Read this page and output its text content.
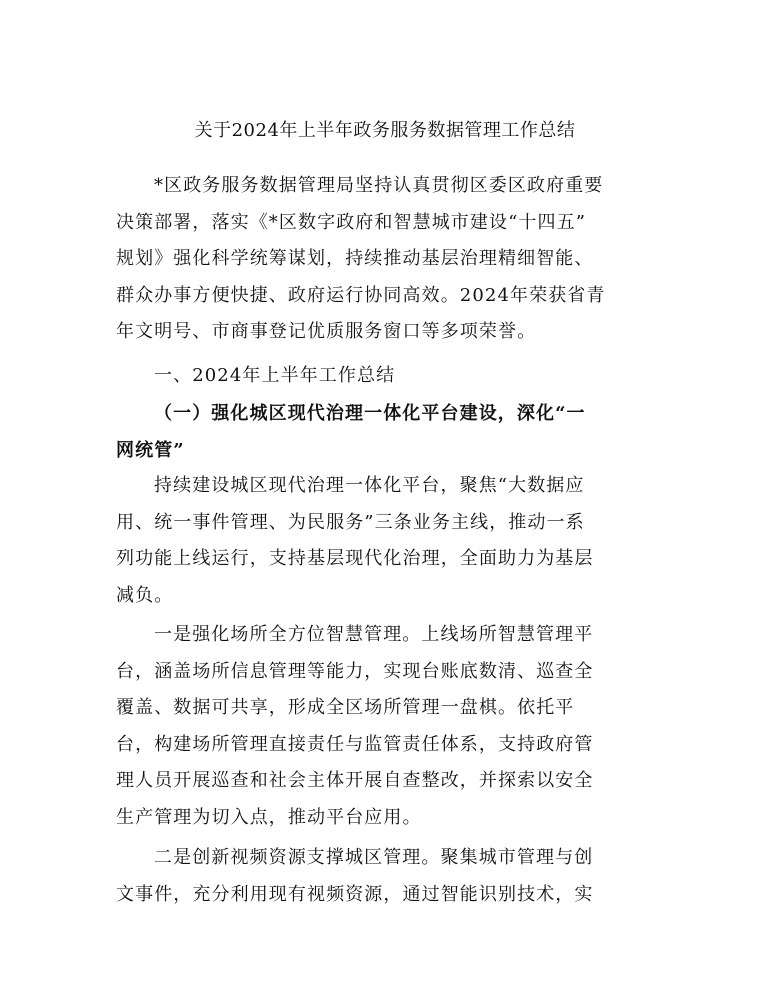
关于2024年上半年政务服务数据管理工作总结
*区政务服务数据管理局坚持认真贯彻区委区政府重要
决策部署，落实《*区数字政府和智慧城市建设“十四五”
规划》强化科学统筹谋划，持续推动基层治理精细智能、
群众办事方便快捷、政府运行协同高效。2024年荣获省青
年文明号、市商事登记优质服务窗口等多项荣誉。
一、2024年上半年工作总结
（一）强化城区现代治理一体化平台建设，深化“一
网统管”
持续建设城区现代治理一体化平台，聚焦“大数据应
用、统一事件管理、为民服务”三条业务主线，推动一系
列功能上线运行，支持基层现代化治理，全面助力为基层
减负。
一是强化场所全方位智慧管理。上线场所智慧管理平
台，涵盖场所信息管理等能力，实现台账底数清、巡查全
覆盖、数据可共享，形成全区场所管理一盘棋。依托平
台，构建场所管理直接责任与监管责任体系，支持政府管
理人员开展巡查和社会主体开展自查整改，并探索以安全
生产管理为切入点，推动平台应用。
二是创新视频资源支撑城区管理。聚集城市管理与创
文事件，充分利用现有视频资源，通过智能识别技术，实
